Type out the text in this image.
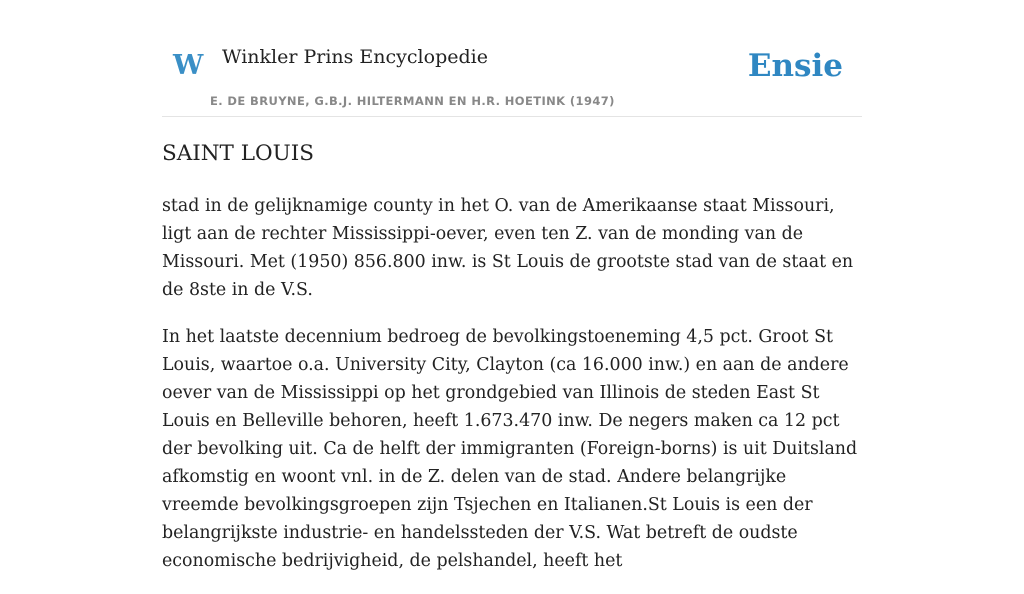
W Winkler Prins Encyclopedie
E. DE BRUYNE, G.B.J. HILTERMANN EN H.R. HOETINK (1947)
Ensie
SAINT LOUIS

stad in de gelijknamige county in het O. van de Amerikaanse staat Missouri, ligt aan de rechter Mississippi-oever, even ten Z. van de monding van de Missouri. Met (1950) 856.800 inw. is St Louis de grootste stad van de staat en de 8ste in de V.S.

In het laatste decennium bedroeg de bevolkingstoeneming 4,5 pct. Groot St Louis, waartoe o.a. University City, Clayton (ca 16.000 inw.) en aan de andere oever van de Mississippi op het grondgebied van Illinois de steden East St Louis en Belleville behoren, heeft 1.673.470 inw. De negers maken ca 12 pct der bevolking uit. Ca de helft der immigranten (Foreign-borns) is uit Duitsland afkomstig en woont vnl. in de Z. delen van de stad. Andere belangrijke vreemde bevolkingsgroepen zijn Tsjechen en Italianen.St Louis is een der belangrijkste industrie- en handelssteden der V.S. Wat betreft de oudste economische bedrijvigheid, de pelshandel, heeft het
